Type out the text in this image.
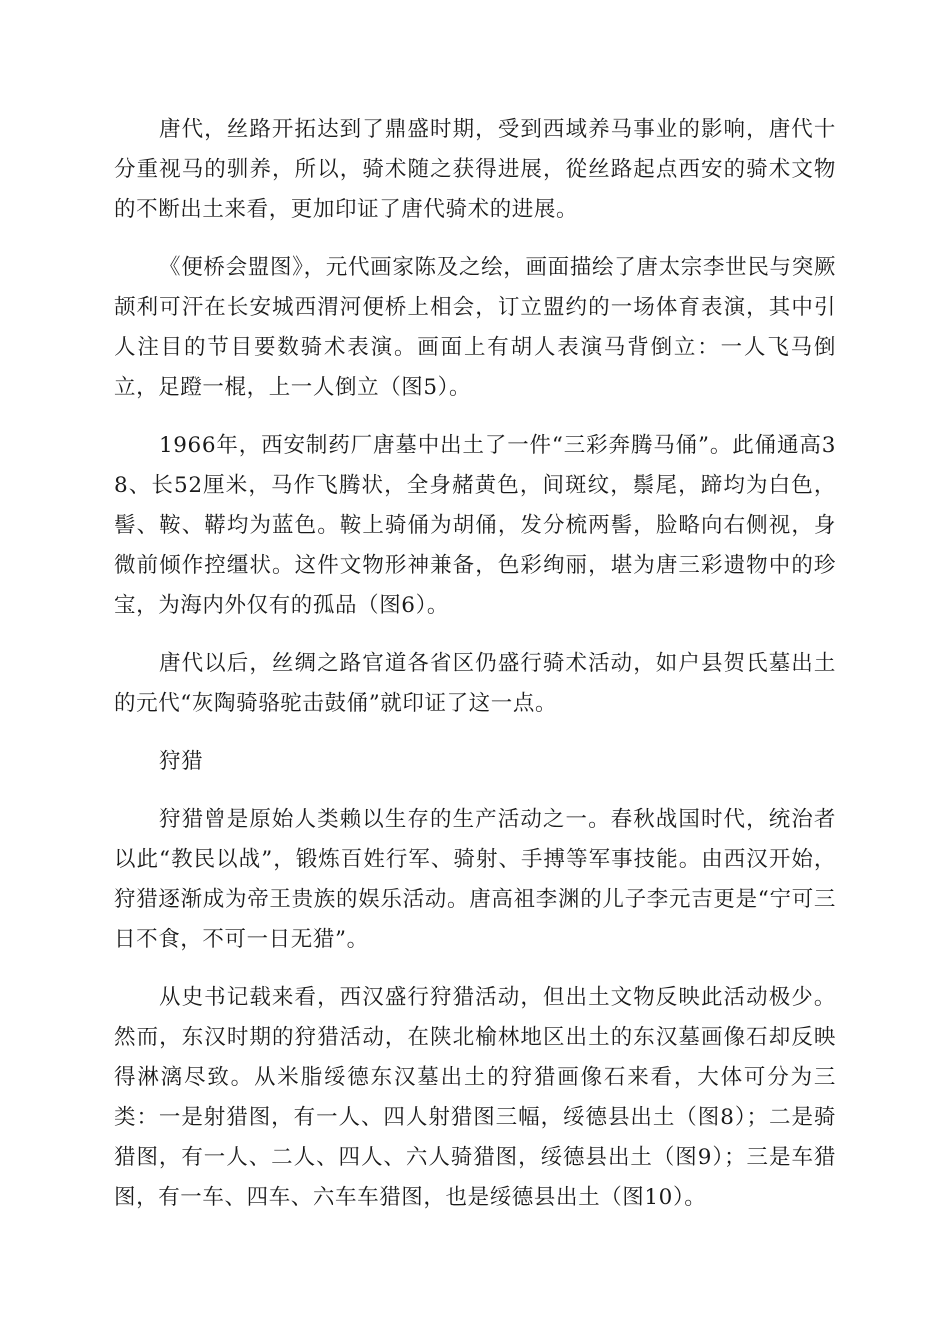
唐代，丝路开拓达到了鼎盛时期，受到西域养马事业的影响，唐代十分重视马的驯养，所以，骑术随之获得进展，從丝路起点西安的骑术文物的不断出土来看，更加印证了唐代骑术的进展。

《便桥会盟图》，元代画家陈及之绘，画面描绘了唐太宗李世民与突厥颉利可汗在长安城西渭河便桥上相会，订立盟约的一场体育表演，其中引人注目的节目要数骑术表演。画面上有胡人表演马背倒立：一人飞马倒立，足蹬一棍，上一人倒立（图5）。

1966年，西安制药厂唐墓中出土了一件“三彩奔腾马俑”。此俑通高38、长52厘米，马作飞腾状，全身赭黄色，间斑纹，鬃尾，蹄均为白色，髻、鞍、鞯均为蓝色。鞍上骑俑为胡俑，发分梳两髻，脸略向右侧视，身微前倾作控缰状。这件文物形神兼备，色彩绚丽，堪为唐三彩遗物中的珍宝，为海内外仅有的孤品（图6）。

唐代以后，丝绸之路官道各省区仍盛行骑术活动，如户县贺氏墓出土的元代“灰陶骑骆驼击鼓俑”就印证了这一点。

狩猎

狩猎曾是原始人类赖以生存的生产活动之一。春秋战国时代，统治者以此“教民以战”，锻炼百姓行军、骑射、手搏等军事技能。由西汉开始，狩猎逐渐成为帝王贵族的娱乐活动。唐高祖李渊的儿子李元吉更是“宁可三日不食，不可一日无猎”。

从史书记载来看，西汉盛行狩猎活动，但出土文物反映此活动极少。然而，东汉时期的狩猎活动，在陕北榆林地区出土的东汉墓画像石却反映得淋漓尽致。从米脂绥德东汉墓出土的狩猎画像石来看，大体可分为三类：一是射猎图，有一人、四人射猎图三幅，绥德县出土（图8）；二是骑猎图，有一人、二人、四人、六人骑猎图，绥德县出土（图9）；三是车猎图，有一车、四车、六车车猎图，也是绥德县出土（图10）。
